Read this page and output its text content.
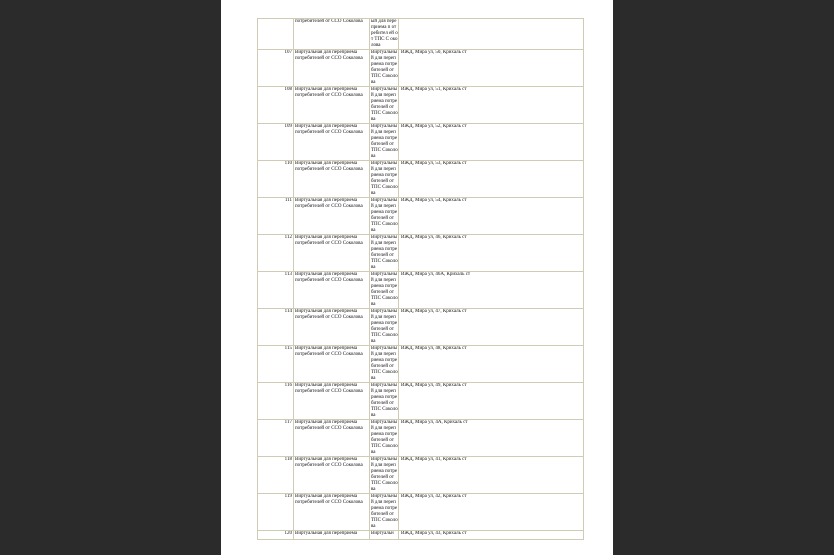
	потребителей от ССО Соколова	ый для пере приема п отребител ей от ТПС С околова	
107	Виртуальная для переприема потребителей от ССО Соколова	Виртуальный для переприема потребителей от ТПС Соколова	ИЖД, Мира ул, 50, Крихаль ст
108	Виртуальная для переприема потребителей от ССО Соколова	Виртуальный для переприема потребителей от ТПС Соколова	ИЖД, Мира ул, 51, Крихаль ст
109	Виртуальная для переприема потребителей от ССО Соколова	Виртуальный для переприема потребителей от ТПС Соколова	ИЖД, Мира ул, 52, Крихаль ст
110	Виртуальная для переприема потребителей от ССО Соколова	Виртуальный для переприема потребителей от ТПС Соколова	ИЖД, Мира ул, 53, Крихаль ст
111	Виртуальная для переприема потребителей от ССО Соколова	Виртуальный для переприема потребителей от ТПС Соколова	ИЖД, Мира ул, 54, Крихаль ст
112	Виртуальная для переприема потребителей от ССО Соколова	Виртуальный для переприема потребителей от ТПС Соколова	ИЖД, Мира ул, 46, Крихаль ст
113	Виртуальная для переприема потребителей от ССО Соколова	Виртуальный для переприема потребителей от ТПС Соколова	ИЖД, Мира ул, 46А, Крихаль ст
114	Виртуальная для переприема потребителей от ССО Соколова	Виртуальный для переприема потребителей от ТПС Соколова	ИЖД, Мира ул, 47, Крихаль ст
115	Виртуальная для переприема потребителей от ССО Соколова	Виртуальный для переприема потребителей от ТПС Соколова	ИЖД, Мира ул, 48, Крихаль ст
116	Виртуальная для переприема потребителей от ССО Соколова	Виртуальный для переприема потребителей от ТПС Соколова	ИЖД, Мира ул, 49, Крихаль ст
117	Виртуальная для переприема потребителей от ССО Соколова	Виртуальный для переприема потребителей от ТПС Соколова	ИЖД, Мира ул, 4А, Крихаль ст
118	Виртуальная для переприема потребителей от ССО Соколова	Виртуальный для переприема потребителей от ТПС Соколова	ИЖД, Мира ул, 41, Крихаль ст
119	Виртуальная для переприема потребителей от ССО Соколова	Виртуальный для переприема потребителей от ТПС Соколова	ИЖД, Мира ул, 42, Крихаль ст
120	Виртуальная для переприема	Виртуальн	ИЖД, Мира ул, 43, Крихаль ст
